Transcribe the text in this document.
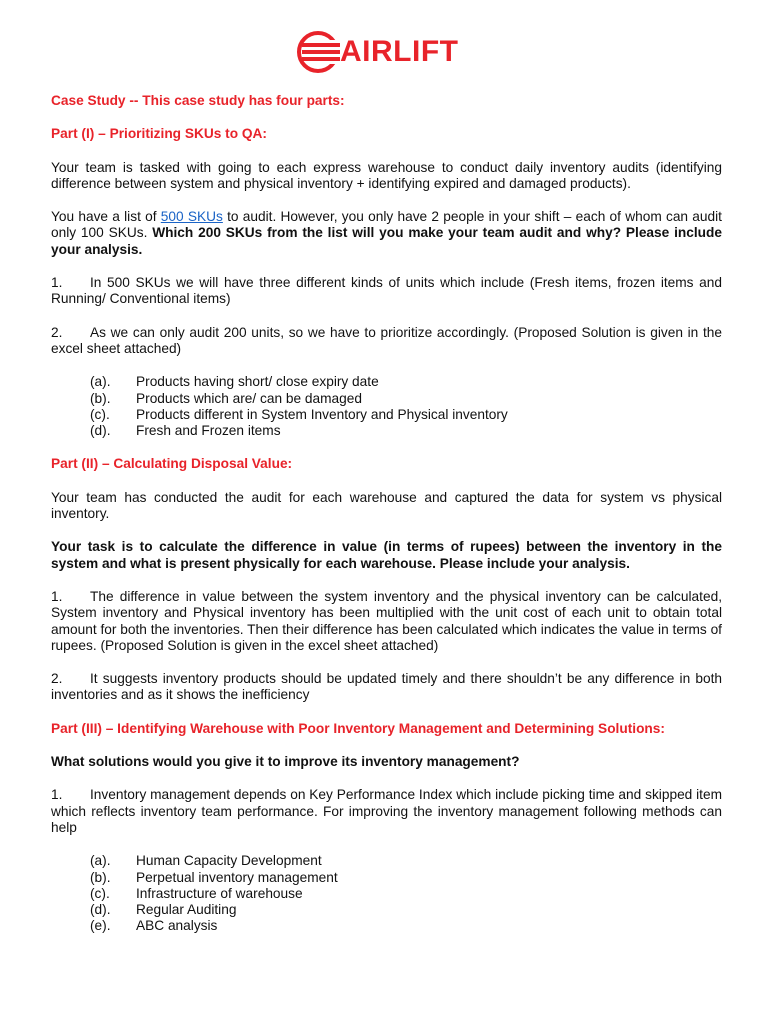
AIRLIFT

Case Study -- This case study has four parts:

Part (I) – Prioritizing SKUs to QA:

Your team is tasked with going to each express warehouse to conduct daily inventory audits (identifying difference between system and physical inventory + identifying expired and damaged products).

You have a list of 500 SKUs to audit. However, you only have 2 people in your shift – each of whom can audit only 100 SKUs. Which 200 SKUs from the list will you make your team audit and why? Please include your analysis.

1. In 500 SKUs we will have three different kinds of units which include (Fresh items, frozen items and Running/ Conventional items)

2. As we can only audit 200 units, so we have to prioritize accordingly. (Proposed Solution is given in the excel sheet attached)

(a).	Products having short/ close expiry date
(b).	Products which are/ can be damaged
(c).	Products different in System Inventory and Physical inventory
(d).	Fresh and Frozen items

Part (II) – Calculating Disposal Value:

Your team has conducted the audit for each warehouse and captured the data for system vs physical inventory.

Your task is to calculate the difference in value (in terms of rupees) between the inventory in the system and what is present physically for each warehouse. Please include your analysis.

1. The difference in value between the system inventory and the physical inventory can be calculated, System inventory and Physical inventory has been multiplied with the unit cost of each unit to obtain total amount for both the inventories. Then their difference has been calculated which indicates the value in terms of rupees. (Proposed Solution is given in the excel sheet attached)

2. It suggests inventory products should be updated timely and there shouldn’t be any difference in both inventories and as it shows the inefficiency

Part (III) – Identifying Warehouse with Poor Inventory Management and Determining Solutions:

What solutions would you give it to improve its inventory management?

1. Inventory management depends on Key Performance Index which include picking time and skipped item which reflects inventory team performance. For improving the inventory management following methods can help

(a).	Human Capacity Development
(b).	Perpetual inventory management
(c).	Infrastructure of warehouse
(d).	Regular Auditing
(e).	ABC analysis
